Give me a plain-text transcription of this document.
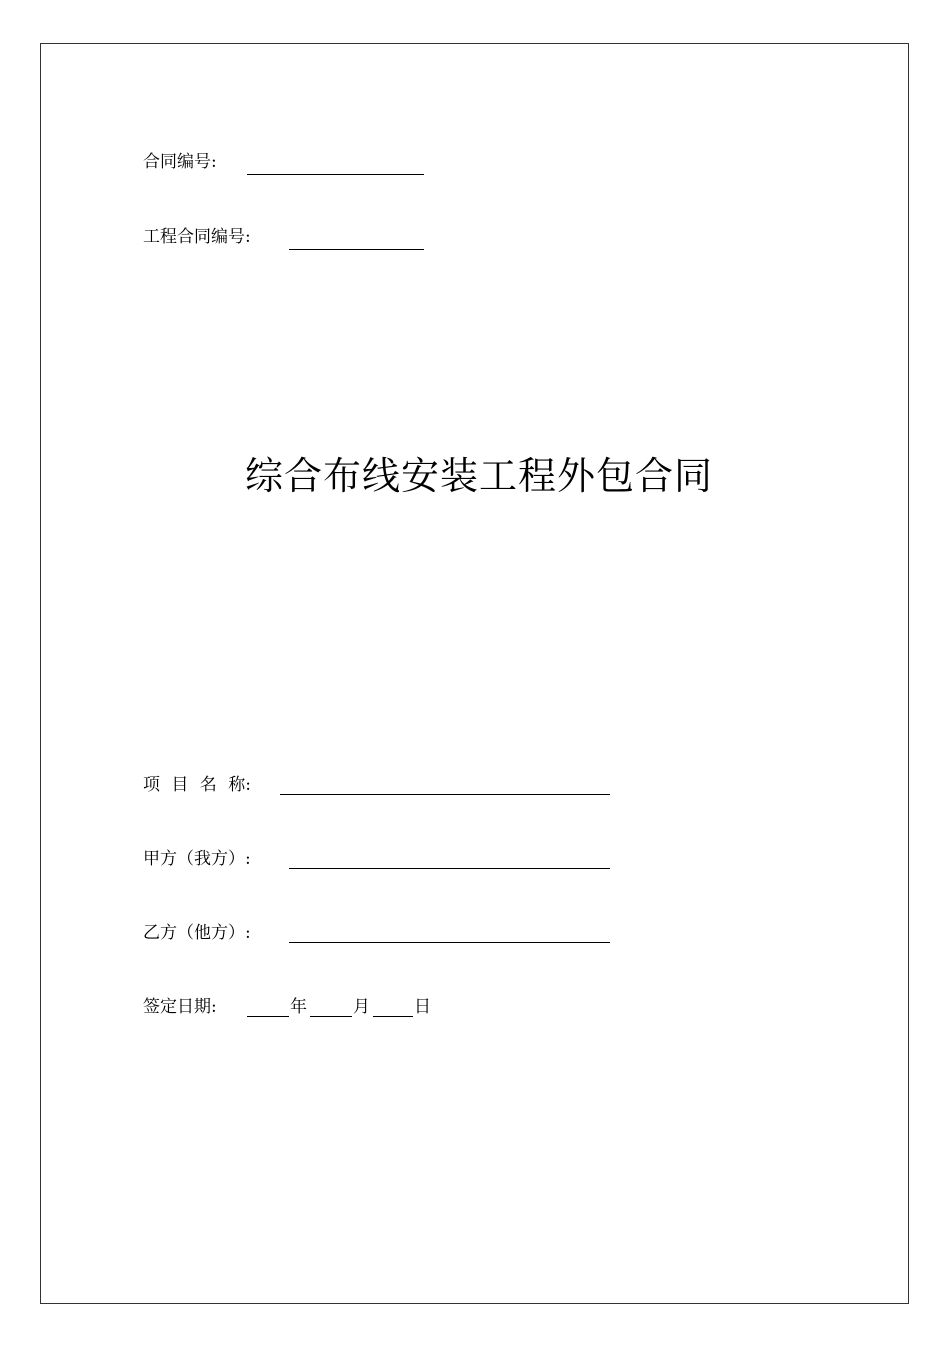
合同编号:
工程合同编号:
综合布线安装工程外包合同
项 目 名 称:
甲方（我方）:
乙方（他方）:
签定日期:	年	月	日
